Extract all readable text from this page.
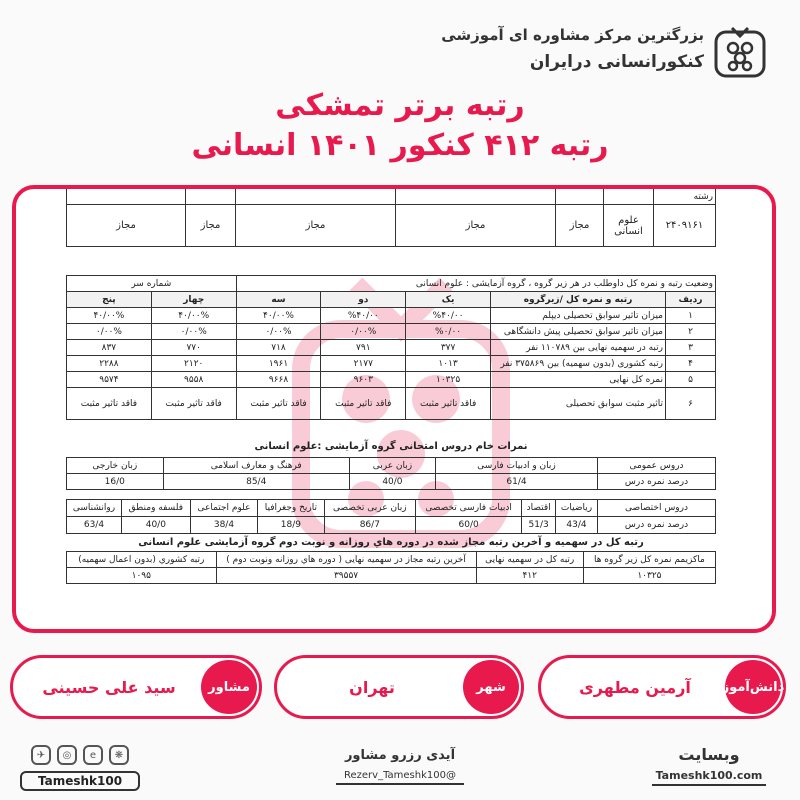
بزرگترین مرکز مشاوره ای آموزشی
کنکورانسانی درایران
رتبه برتر تمشکی
رتبه ۴۱۲ کنکور ۱۴۰۱ انسانی
رشته						
۲۴۰۹۱۶۱	علوم انسانی	مجاز	مجاز	مجاز	مجاز	مجاز
وضعیت رتبه و نمره کل داوطلب در هر زیر گروه ، گروه آزمایشی : علوم انسانی					شماره سر	
ردیف	رتبه و نمره کل /زیرگروه	یک	دو	سه	چهار	پنج
۱	میزان تاثیر سوابق تحصیلی دیپلم	%۴۰/۰۰	%۴۰/۰۰	۴۰/۰۰%	۴۰/۰۰%	۴۰/۰۰%
۲	میزان تاثیر سوابق تحصیلی پیش دانشگاهی	%۰/۰۰	۰/۰۰%	۰/۰۰%	۰/۰۰%	۰/۰۰%
۳	رتبه در سهمیه نهایی بین ۱۱۰۷۸۹ نفر	۳۷۷	۷۹۱	۷۱۸	۷۷۰	۸۳۷
۴	رتبه کشوری (بدون سهمیه) بین ۳۷۵۸۶۹ نفر	۱۰۱۳	۲۱۷۷	۱۹۶۱	۲۱۲۰	۲۲۸۸
۵	نمره کل نهایی	۱۰۳۲۵	۹۶۰۳	۹۶۶۸	۹۵۵۸	۹۵۷۴
۶	تاثیر مثبت سوابق تحصیلی	فاقد تاثیر مثبت	فاقد تاثیر مثبت	فاقد تاثیر مثبت	فاقد تاثیر مثبت	فاقد تاثیر مثبت
نمرات خام دروس امتحانی گروه آزمایشی :علوم انسانی
دروس عمومی	زبان و ادبیات فارسی	زبان عربی	فرهنگ و معارف اسلامی	زبان خارجی
درصد نمره درس	61/4	40/0	85/4	16/0
دروس اختصاصی	ریاضیات	اقتصاد	ادبیات فارسی تخصصی	زبان عربی تخصصی	تاریخ وجغرافیا	علوم اجتماعی	فلسفه ومنطق	روانشناسی
درصد نمره درس	43/4	51/3	60/0	86/7	18/9	38/4	40/0	63/4
رتبه کل در سهمیه و آخرین رتبه مجاز شده در دوره هاي روزانه و نوبت دوم گروه آزمایشی علوم انسانی
ماکزیمم نمره کل زیر گروه ها	رتبه کل در سهمیه نهایی	آخرین رتبه مجاز در سهمیه نهایی ( دوره هاي روزانه ونوبت دوم )	رتبه کشوري (بدون اعمال سهمیه)
۱۰۳۲۵	۴۱۲	۳۹۵۵۷	۱۰۹۵
دانش‌آموز
آرمین مطهری
شهر
تهران
مشاور
سید علی حسینی
✈	◎	e	❋
Tameshk100
آیدی رزرو مشاور
@Rezerv_Tameshk100
وبسایت
Tameshk100.com
